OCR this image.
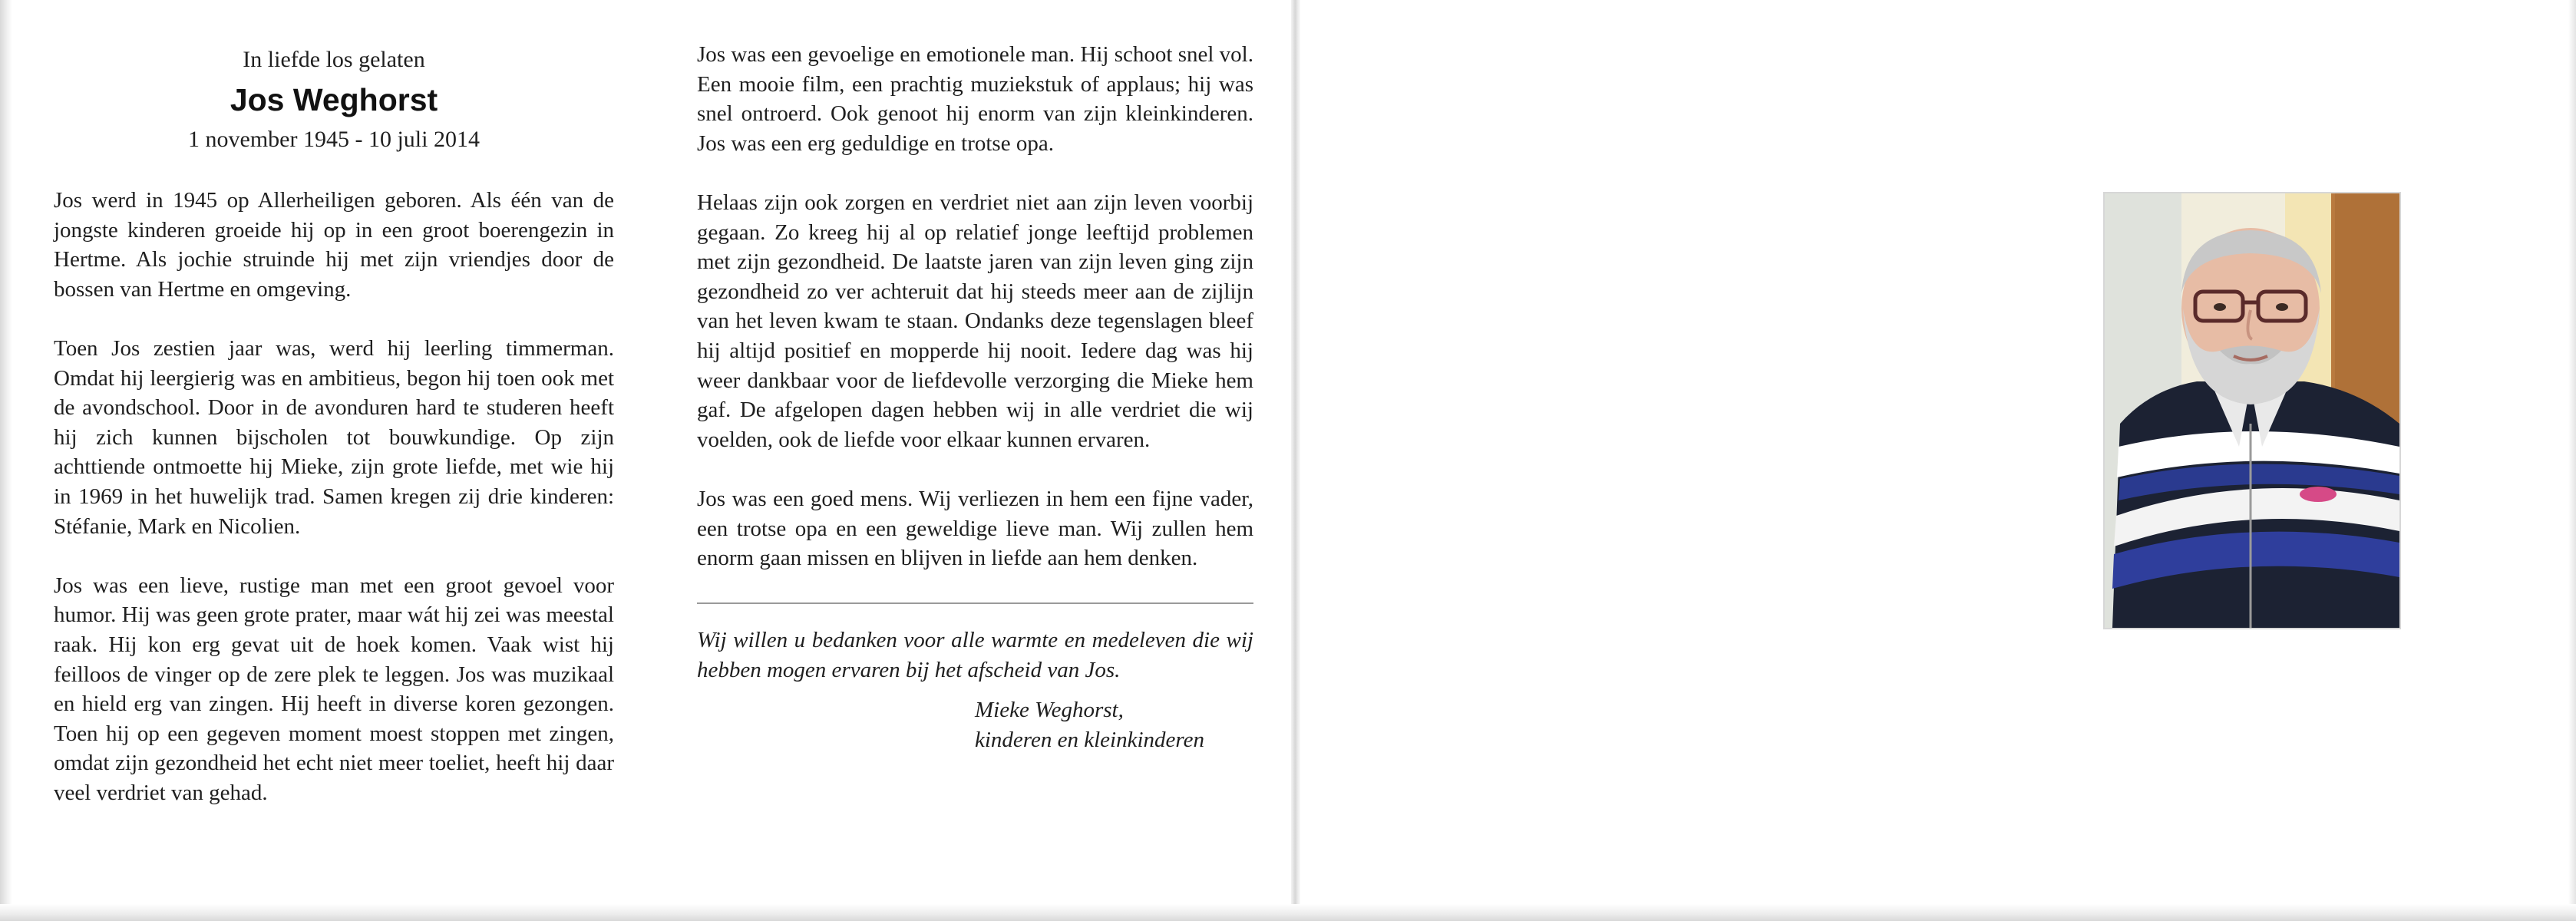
In liefde los gelaten
Jos Weghorst
1 november 1945 - 10 juli 2014

Jos werd in 1945 op Allerheiligen geboren. Als één van de jongste kinderen groeide hij op in een groot boerengezin in Hertme. Als jochie struinde hij met zijn vriendjes door de bossen van Hertme en omgeving.

Toen Jos zestien jaar was, werd hij leerling timmerman. Omdat hij leergierig was en ambitieus, begon hij toen ook met de avondschool. Door in de avonduren hard te studeren heeft hij zich kunnen bijscholen tot bouwkundige. Op zijn achttiende ontmoette hij Mieke, zijn grote liefde, met wie hij in 1969 in het huwelijk trad. Samen kregen zij drie kinderen: Stéfanie, Mark en Nicolien.

Jos was een lieve, rustige man met een groot gevoel voor humor. Hij was geen grote prater, maar wát hij zei was meestal raak. Hij kon erg gevat uit de hoek komen. Vaak wist hij feilloos de vinger op de zere plek te leggen. Jos was muzikaal en hield erg van zingen. Hij heeft in diverse koren gezongen. Toen hij op een gegeven moment moest stoppen met zingen, omdat zijn gezondheid het echt niet meer toeliet, heeft hij daar veel verdriet van gehad.

Jos was een gevoelige en emotionele man. Hij schoot snel vol. Een mooie film, een prachtig muziekstuk of applaus; hij was snel ontroerd. Ook genoot hij enorm van zijn kleinkinderen. Jos was een erg geduldige en trotse opa.

Helaas zijn ook zorgen en verdriet niet aan zijn leven voorbij gegaan. Zo kreeg hij al op relatief jonge leeftijd problemen met zijn gezondheid. De laatste jaren van zijn leven ging zijn gezondheid zo ver achteruit dat hij steeds meer aan de zijlijn van het leven kwam te staan. Ondanks deze tegenslagen bleef hij altijd positief en mopperde hij nooit. Iedere dag was hij weer dankbaar voor de liefdevolle verzorging die Mieke hem gaf. De afgelopen dagen hebben wij in alle verdriet die wij voelden, ook de liefde voor elkaar kunnen ervaren.

Jos was een goed mens. Wij verliezen in hem een fijne vader, een trotse opa en een geweldige lieve man. Wij zullen hem enorm gaan missen en blijven in liefde aan hem denken.

Wij willen u bedanken voor alle warmte en medeleven die wij hebben mogen ervaren bij het afscheid van Jos.

Mieke Weghorst,
kinderen en kleinkinderen
